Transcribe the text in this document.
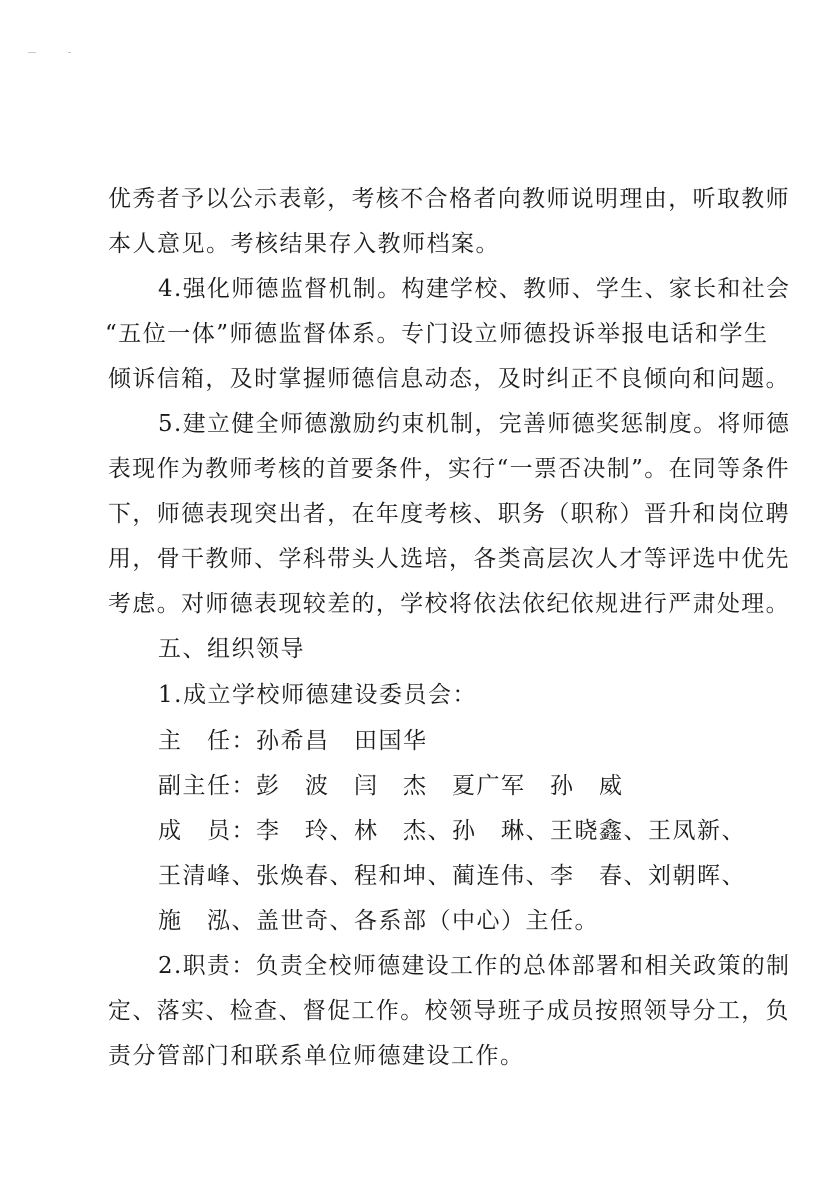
优秀者予以公示表彰，考核不合格者向教师说明理由，听取教师
本人意见。考核结果存入教师档案。
4.强化师德监督机制。构建学校、教师、学生、家长和社会
“五位一体”师德监督体系。专门设立师德投诉举报电话和学生
倾诉信箱，及时掌握师德信息动态，及时纠正不良倾向和问题。
5.建立健全师德激励约束机制，完善师德奖惩制度。将师德
表现作为教师考核的首要条件，实行“一票否决制”。在同等条件
下，师德表现突出者，在年度考核、职务（职称）晋升和岗位聘
用，骨干教师、学科带头人选培，各类高层次人才等评选中优先
考虑。对师德表现较差的，学校将依法依纪依规进行严肃处理。
五、组织领导
1.成立学校师德建设委员会：
主　任：孙希昌　田国华
副主任：彭　波　闫　杰　夏广军　孙　威
成　员：李　玲、林　杰、孙　琳、王晓鑫、王凤新、
王清峰、张焕春、程和坤、蔺连伟、李　春、刘朝晖、
施　泓、盖世奇、各系部（中心）主任。
2.职责：负责全校师德建设工作的总体部署和相关政策的制
定、落实、检查、督促工作。校领导班子成员按照领导分工，负
责分管部门和联系单位师德建设工作。
